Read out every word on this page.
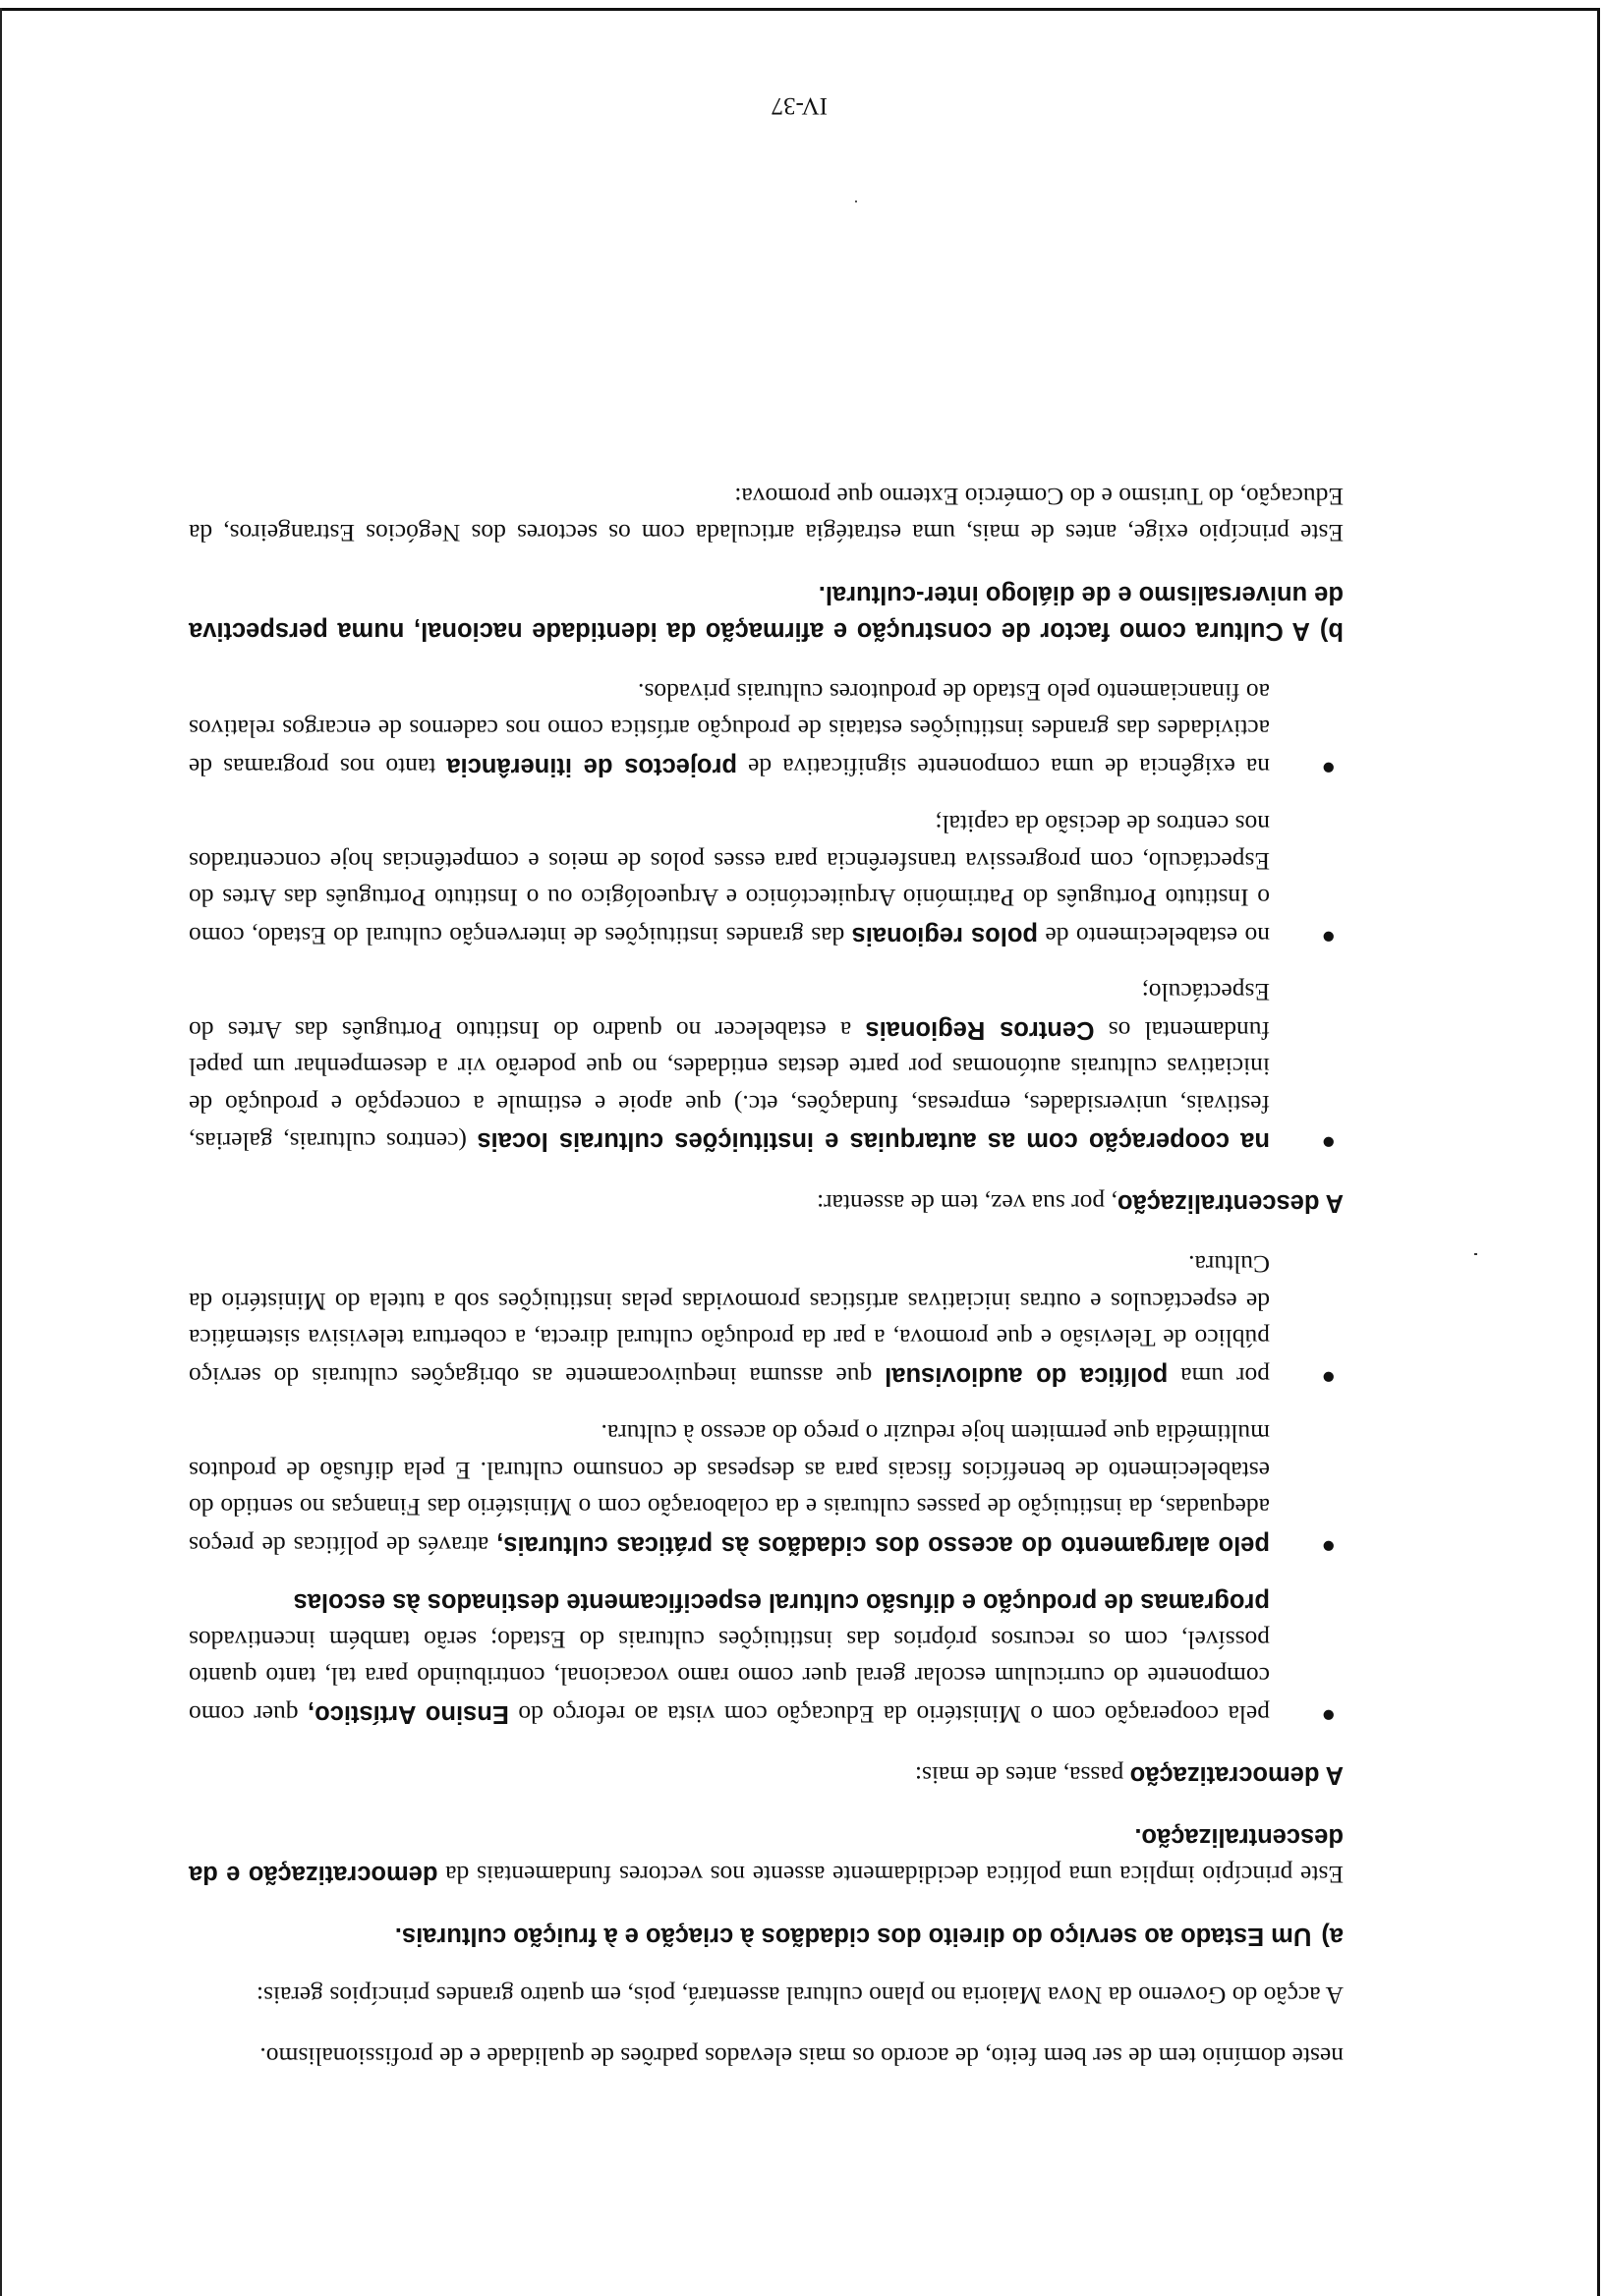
neste domínio tem de ser bem feito, de acordo os mais elevados padrões de qualidade e de profissionalismo.

A acção do Governo da Nova Maioria no plano cultural assentará, pois, em quatro grandes princípios gerais:

a)Um Estado ao serviço do direito dos cidadãos à criação e à fruição culturais.

Este princípio implica uma política decididamente assente nos vectores fundamentais da democratização e da descentralização.

A democratização passa, antes de mais:

●
pela cooperação com o Ministério da Educação com vista ao reforço do Ensino Artístico, quer como componente do curriculum escolar geral quer como ramo vocacional, contribuindo para tal, tanto quanto possível, com os recursos próprios das instituições culturais do Estado; serão também incentivados programas de produção e difusão cultural especificamente destinados às escolas
●
pelo alargamento do acesso dos cidadãos às práticas culturais, através de políticas de preços adequadas, da instituição de passes culturais e da colaboração com o Ministério das Finanças no sentido do estabelecimento de benefícios fiscais para as despesas de consumo cultural. E pela difusão de produtos multimédia que permitem hoje reduzir o preço do acesso à cultura.
●
por uma política do audiovisual que assuma inequivocamente as obrigações culturais do serviço público de Televisão e que promova, a par da produção cultural directa, a cobertura televisiva sistemática de espectáculos e outras iniciativas artísticas promovidas pelas instituições sob a tutela do Ministério da Cultura.

A descentralização, por sua vez, tem de assentar:

●
na cooperação com as autarquias e instituições culturais locais (centros culturais, galerias, festivais, universidades, empresas, fundações, etc.) que apoie e estimule a concepção e produção de iniciativas culturais autónomas por parte destas entidades, no que poderão vir a desempenhar um papel fundamental os Centros Regionais a estabelecer no quadro do Instituto Português das Artes do Espectáculo;
●
no estabelecimento de polos regionais das grandes instituições de intervenção cultural do Estado, como o Instituto Português do Património Arquitectónico e Arqueológico ou o Instituto Português das Artes do Espectáculo, com progressiva transferência para esses polos de meios e competências hoje concentrados nos centros de decisão da capital;
●
na exigência de uma componente significativa de projectos de itinerância tanto nos programas de actividades das grandes instituições estatais de produção artística como nos cadernos de encargos relativos ao financiamento pelo Estado de produtores culturais privados.

b)A Cultura como factor de construção e afirmação da identidade nacional, numa perspectiva de universalismo e de diálogo inter-cultural.

Este princípio exige, antes de mais, uma estratégia articulada com os sectores dos Negócios Estrangeiros, da Educação, do Turismo e do Comércio Externo que promova:

IV-37
